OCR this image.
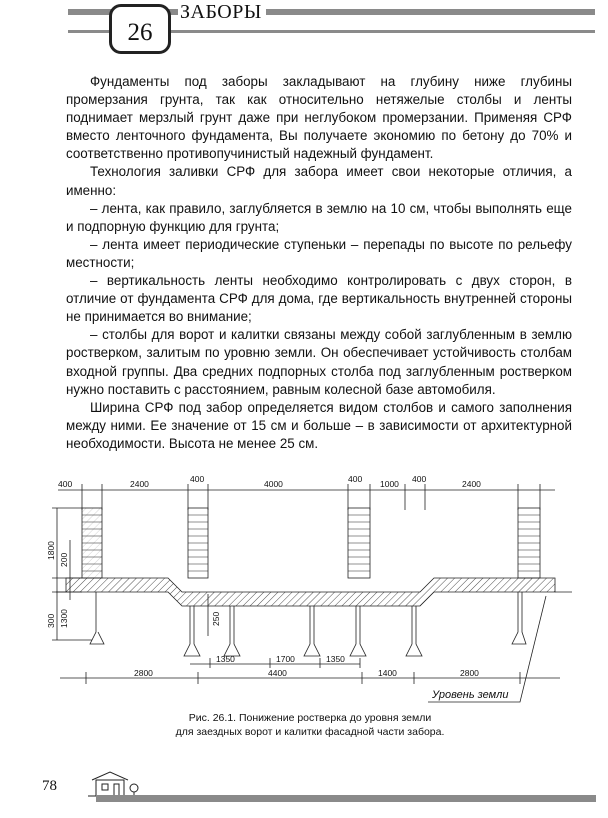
26
ЗАБОРЫ

Фундаменты под заборы закладывают на глубину ниже глубины промерзания грунта, так как относительно нетяжелые столбы и ленты поднимает мерзлый грунт даже при неглубоком промерзании. Применяя СРФ вместо ленточного фундамента, Вы получаете экономию по бетону до 70% и соответственно противопучинистый надежный фундамент.

Технология заливки СРФ для забора имеет свои некоторые отличия, а именно:

– лента, как правило, заглубляется в землю на 10 см, чтобы выполнять еще и подпорную функцию для грунта;

– лента имеет периодические ступеньки – перепады по высоте по рельефу местности;

– вертикальность ленты необходимо контролировать с двух сторон, в отличие от фундамента СРФ для дома, где вертикальность внутренней стороны не принимается во внимание;

– столбы для ворот и калитки связаны между собой заглубленным в землю ростверком, залитым по уровню земли. Он обеспечивает устойчивость столбам входной группы. Два средних подпорных столба под заглубленным ростверком нужно поставить с расстоянием, равным колесной базе автомобиля.

Ширина СРФ под забор определяется видом столбов и самого заполнения между ними. Ее значение от 15 см и больше – в зависимости от архитектурной необходимости. Высота не менее 25 см.

400	2400	400	4000	400 1000 400	2400
1800 200
300 1300	250
1350	1700	1350
2800	4400	1400	2800
Уровень земли
Рис. 26.1. Понижение ростверка до уровня земли
для заездных ворот и калитки фасадной части забора.
78
